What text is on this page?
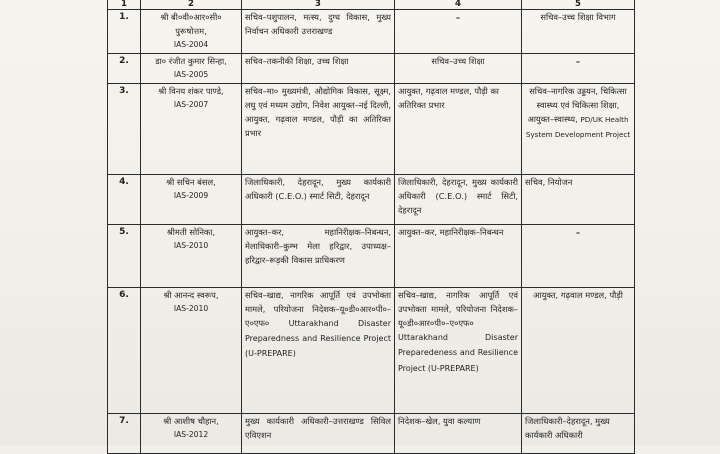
1	2	3	4	5
1.	श्री बी०वी०आर०सी० पुरूषोत्तम,
IAS-2004	सचिव–पशुपालन, मत्स्य, दुग्ध विकास, मुख्य निर्वाचन अधिकारी उत्तराखण्ड	–	सचिव–उच्च शिक्षा विभाग
2.	डा० रंजीत कुमार सिन्हा,
IAS-2005	सचिव–तकनीकी शिक्षा, उच्च शिक्षा	सचिव–उच्च शिक्षा	–

3.	श्री विनय शंकर पाण्डे,
IAS-2007	सचिव–मा० मुख्यमंत्री, औद्योगिक विकास, सूक्ष्म, लघु एवं मध्यम उद्योग, निवेश आयुक्त–नई दिल्ली, आयुक्त, गढ़वाल मण्डल, पौड़ी का अतिरिक्त प्रभार	आयुक्त, गढ़वाल मण्डल, पौड़ी का अतिरिक्त प्रभार	सचिव–नागरिक उड्डयन, चिकित्सा स्वास्थ्य एवं चिकित्सा शिक्षा, आयुक्त–स्वास्थ्य, PD/UK Health System Development Project
4.	श्री सचिन बंसल,
IAS-2009	जिलाधिकारी, देहरादून, मुख्य कार्यकारी अधिकारी (C.E.O.) स्मार्ट सिटी, देहरादून	जिलाधिकारी, देहरादून, मुख्य कार्यकारी अधिकारी (C.E.O.) स्मार्ट सिटी, देहरादून	सचिव, नियोजन
5.	श्रीमती सोनिका,
IAS-2010	आयुक्त–कर, महानिरीक्षक–निबन्धन, मेलाधिकारी–कुम्भ मेला हरिद्वार, उपाध्यक्ष–हरिद्वार–रूड़की विकास प्राधिकरण	आयुक्त–कर, महानिरीक्षक–निबन्धन	–

6.	श्री आनन्द स्वरूप,
IAS-2010	सचिव–खाद्य, नागरिक आपूर्ति एवं उपभोक्ता मामले, परियोजना निदेशक–यू०डी०आर०पी०–ए०एफ० Uttarakhand Disaster Preparedness and Resilience Project (U-PREPARE)	सचिव–खाद्य, नागरिक आपूर्ति एवं उपभोक्ता मामले, परियोजना निदेशक–यू०डी०आर०पी०–ए०एफ० Uttarakhand Disaster Preparedeness and Resilience Project (U-PREPARE)	आयुक्त, गढ़वाल मण्डल, पौड़ी
7.	श्री आशीष चौहान,
IAS-2012	मुख्य कार्यकारी अधिकारी–उत्तराखण्ड सिविल एविएशन	निदेशक–खेल, युवा कल्याण	जिलाधिकारी–देहरादून, मुख्य कार्यकारी अधिकारी
